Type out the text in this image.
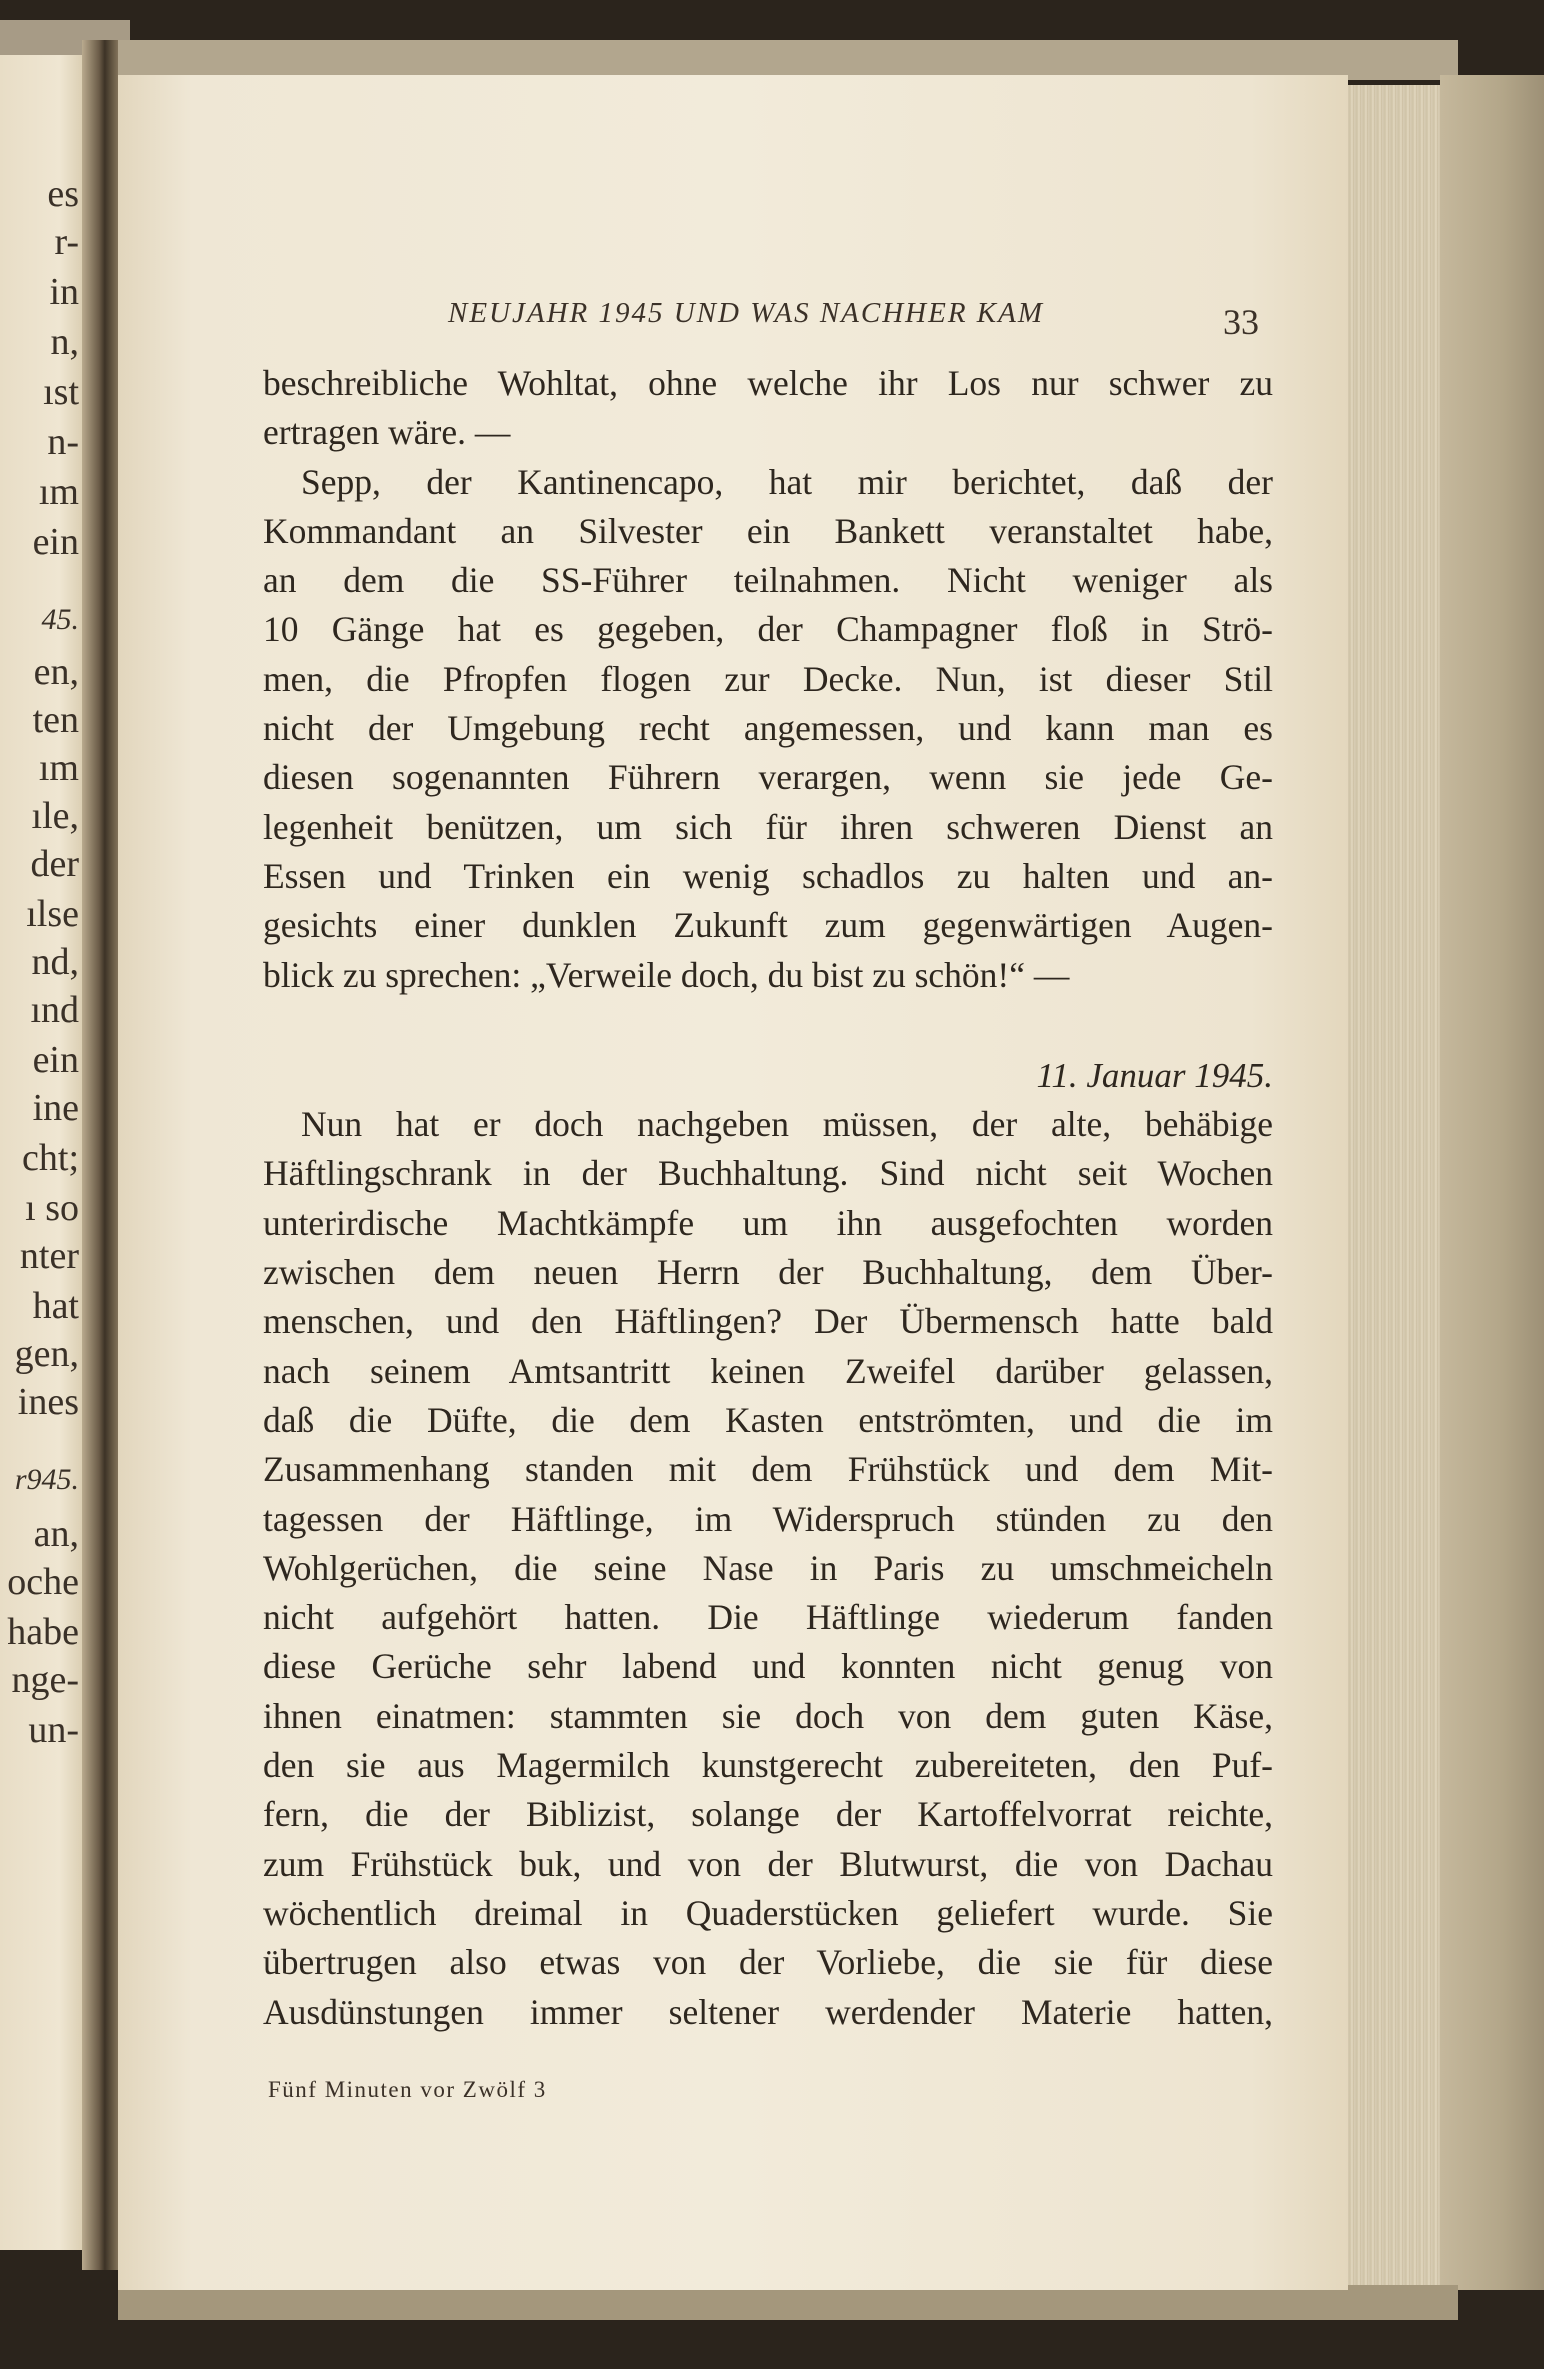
es
r-
in
n,
ıst
n-
ım
ein
45.
en,
ten
ım
ıle,
der
ılse
nd,
ınd
ein
ine
cht;
ı so
nter
hat
gen,
ines
r945.
an,
oche
habe
nge-
un-
NEUJAHR 1945 UND WAS NACHHER KAM	33
beschreibliche Wohltat, ohne welche ihr Los nur schwer zu
ertragen wäre. —
Sepp, der Kantinencapo, hat mir berichtet, daß der
Kommandant an Silvester ein Bankett veranstaltet habe,
an dem die SS-Führer teilnahmen. Nicht weniger als
10 Gänge hat es gegeben, der Champagner floß in Strö-
men, die Pfropfen flogen zur Decke. Nun, ist dieser Stil
nicht der Umgebung recht angemessen, und kann man es
diesen sogenannten Führern verargen, wenn sie jede Ge-
legenheit benützen, um sich für ihren schweren Dienst an
Essen und Trinken ein wenig schadlos zu halten und an-
gesichts einer dunklen Zukunft zum gegenwärtigen Augen-
blick zu sprechen: „Verweile doch, du bist zu schön!“ —
11. Januar 1945.
Nun hat er doch nachgeben müssen, der alte, behäbige
Häftlingschrank in der Buchhaltung. Sind nicht seit Wochen
unterirdische Machtkämpfe um ihn ausgefochten worden
zwischen dem neuen Herrn der Buchhaltung, dem Über-
menschen, und den Häftlingen? Der Übermensch hatte bald
nach seinem Amtsantritt keinen Zweifel darüber gelassen,
daß die Düfte, die dem Kasten entströmten, und die im
Zusammenhang standen mit dem Frühstück und dem Mit-
tagessen der Häftlinge, im Widerspruch stünden zu den
Wohlgerüchen, die seine Nase in Paris zu umschmeicheln
nicht aufgehört hatten. Die Häftlinge wiederum fanden
diese Gerüche sehr labend und konnten nicht genug von
ihnen einatmen: stammten sie doch von dem guten Käse,
den sie aus Magermilch kunstgerecht zubereiteten, den Puf-
fern, die der Biblizist, solange der Kartoffelvorrat reichte,
zum Frühstück buk, und von der Blutwurst, die von Dachau
wöchentlich dreimal in Quaderstücken geliefert wurde. Sie
übertrugen also etwas von der Vorliebe, die sie für diese
Ausdünstungen immer seltener werdender Materie hatten,
Fünf Minuten vor Zwölf 3
